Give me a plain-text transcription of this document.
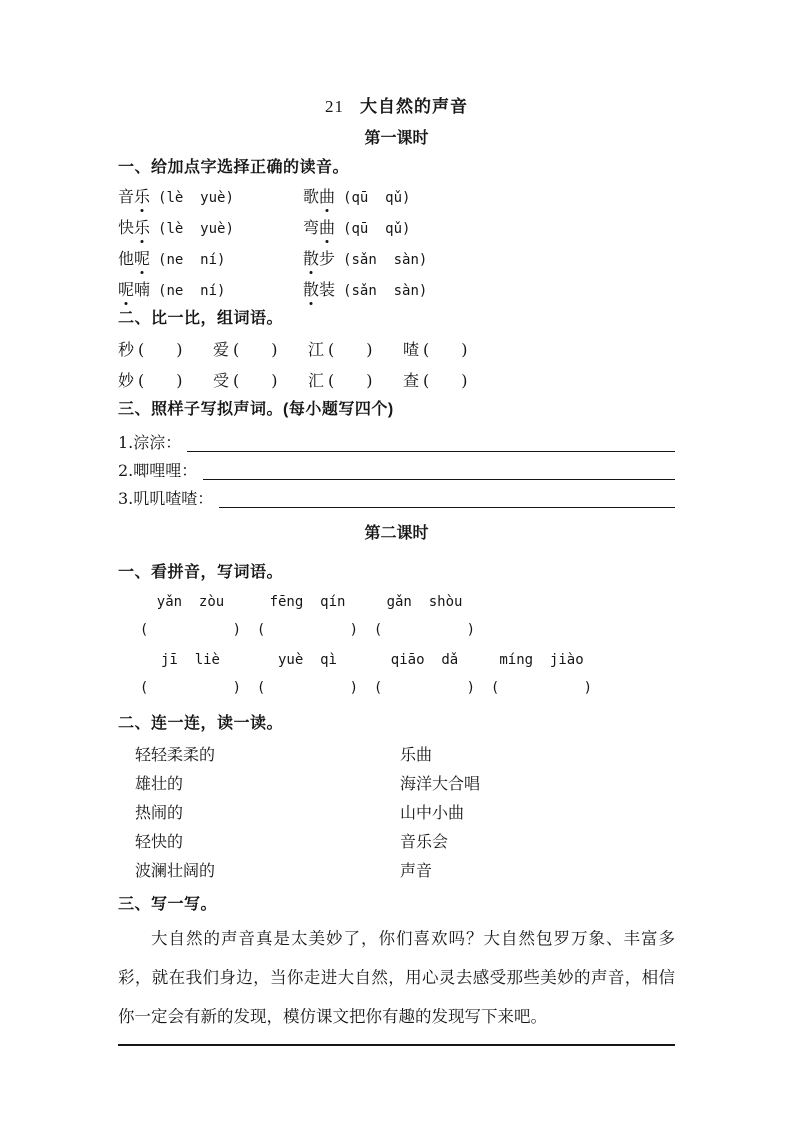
21 大自然的声音
第一课时
一、给加点字选择正确的读音。
音乐 (lè  yuè)	歌曲 (qū  qǔ)
快乐 (lè  yuè)	弯曲 (qū  qǔ)
他呢 (ne  ní)	散步 (sǎn  sàn)
呢喃 (ne  ní)	散装 (sǎn  sàn)
二、比一比，组词语。
秒 (　　)	爱 (　　)	江 (　　)	喳 (　　)
妙 (　　)	受 (　　)	汇 (　　)	查 (　　)
三、照样子写拟声词。(每小题写四个)
1.淙淙：
2.唧哩哩：
3.叽叽喳喳：
第二课时
一、看拼音，写词语。
yǎn  zòu
(          )
fēng  qín
(          )
gǎn  shòu
(          )
jī  liè
(          )
yuè  qì
(          )
qiāo  dǎ
(          )
míng  jiào
(          )
二、连一连，读一读。
轻轻柔柔的	乐曲
雄壮的	海洋大合唱
热闹的	山中小曲
轻快的	音乐会
波澜壮阔的	声音
三、写一写。
大自然的声音真是太美妙了，你们喜欢吗？大自然包罗万象、丰富多彩，就在我们身边，当你走进大自然，用心灵去感受那些美妙的声音，相信你一定会有新的发现，模仿课文把你有趣的发现写下来吧。
